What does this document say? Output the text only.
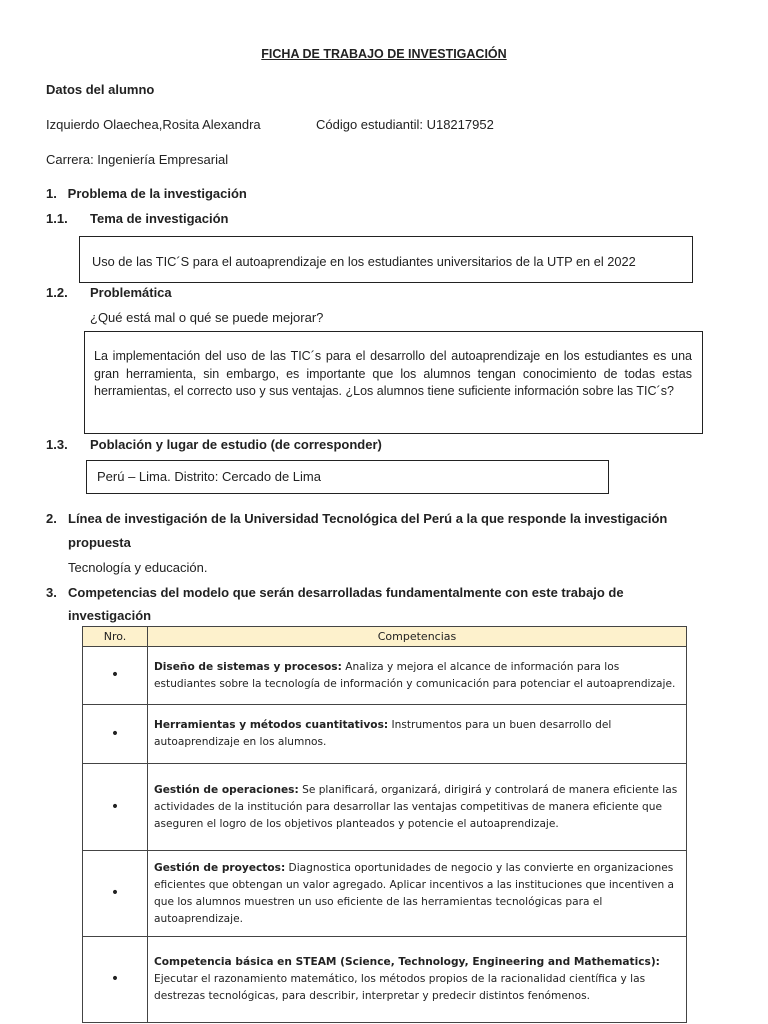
FICHA DE TRABAJO DE INVESTIGACIÓN
Datos del alumno
Izquierdo Olaechea,Rosita Alexandra	Código estudiantil: U18217952
Carrera: Ingeniería Empresarial
1.   Problema de la investigación
1.1. Tema de investigación
Uso de las TIC´S para el autoaprendizaje en los estudiantes universitarios de la UTP en el 2022
1.2. Problemática
¿Qué está mal o qué se puede mejorar?
La implementación del uso de las TIC´s para el desarrollo del autoaprendizaje en los estudiantes es una gran herramienta, sin embargo, es importante que los alumnos tengan conocimiento de todas estas herramientas, el correcto uso y sus ventajas. ¿Los alumnos tiene suficiente información sobre las TIC´s?
1.3. Población y lugar de estudio (de corresponder)
Perú – Lima. Distrito: Cercado de Lima
2. Línea de investigación de la Universidad Tecnológica del Perú a la que responde la investigación
propuesta
Tecnología y educación.
3. Competencias del modelo que serán desarrolladas fundamentalmente con este trabajo de
investigación
Nro.	Competencias
•	Diseño de sistemas y procesos: Analiza y mejora el alcance de información para los estudiantes sobre la tecnología de información y comunicación para potenciar el autoaprendizaje.
•	Herramientas y métodos cuantitativos: Instrumentos para un buen desarrollo del autoaprendizaje en los alumnos.
•	Gestión de operaciones: Se planificará, organizará, dirigirá y controlará de manera eficiente las actividades de la institución para desarrollar las ventajas competitivas de manera eficiente que aseguren el logro de los objetivos planteados y potencie el autoaprendizaje.
•	Gestión de proyectos: Diagnostica oportunidades de negocio y las convierte en organizaciones eficientes que obtengan un valor agregado. Aplicar incentivos a las instituciones que incentiven a que los alumnos muestren un uso eficiente de las herramientas tecnológicas para el autoaprendizaje.
•	Competencia básica en STEAM (Science, Technology, Engineering and Mathematics): Ejecutar el razonamiento matemático, los métodos propios de la racionalidad científica y las destrezas tecnológicas, para describir, interpretar y predecir distintos fenómenos.
